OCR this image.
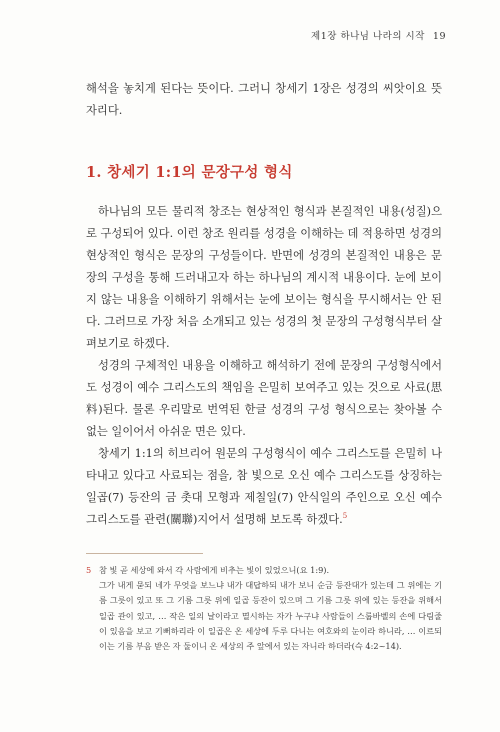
제1장 하나님 나라의 시작 19

해석을 놓치게 된다는 뜻이다. 그러니 창세기 1장은 성경의 씨앗이요 뜻자리다.

1. 창세기 1:1의 문장구성 형식

하나님의 모든 물리적 창조는 현상적인 형식과 본질적인 내용(성질)으로 구성되어 있다. 이런 창조 원리를 성경을 이해하는 데 적용하면 성경의 현상적인 형식은 문장의 구성들이다. 반면에 성경의 본질적인 내용은 문장의 구성을 통해 드러내고자 하는 하나님의 계시적 내용이다. 눈에 보이지 않는 내용을 이해하기 위해서는 눈에 보이는 형식을 무시해서는 안 된다. 그러므로 가장 처음 소개되고 있는 성경의 첫 문장의 구성형식부터 살펴보기로 하겠다.

성경의 구체적인 내용을 이해하고 해석하기 전에 문장의 구성형식에서도 성경이 예수 그리스도의 책임을 은밀히 보여주고 있는 것으로 사료(思料)된다. 물론 우리말로 번역된 한글 성경의 구성 형식으로는 찾아볼 수 없는 일이어서 아쉬운 면은 있다.

창세기 1:1의 히브리어 원문의 구성형식이 예수 그리스도를 은밀히 나타내고 있다고 사료되는 점을, 참 빛으로 오신 예수 그리스도를 상징하는 일곱(7) 등잔의 금 촛대 모형과 제칠일(7) 안식일의 주인으로 오신 예수 그리스도를 관련(關聯)지어서 설명해 보도록 하겠다.$^5$

5 참 빛 곧 세상에 와서 각 사람에게 비추는 빛이 있었으니(요 1:9).
그가 내게 묻되 네가 무엇을 보느냐 내가 대답하되 내가 보니 순금 등잔대가 있는데 그 위에는 기름 그릇이 있고 또 그 기름 그릇 위에 일곱 등잔이 있으며 그 기름 그릇 위에 있는 등잔을 위해서 일곱 관이 있고, … 작은 일의 날이라고 멸시하는 자가 누구냐 사람들이 스룹바벨의 손에 다림줄이 있음을 보고 기뻐하리라 이 일곱은 온 세상에 두루 다니는 여호와의 눈이라 하니라, … 이르되 이는 기름 부음 받은 자 둘이니 온 세상의 주 앞에서 있는 자니라 하더라(슥 4:2~14).
